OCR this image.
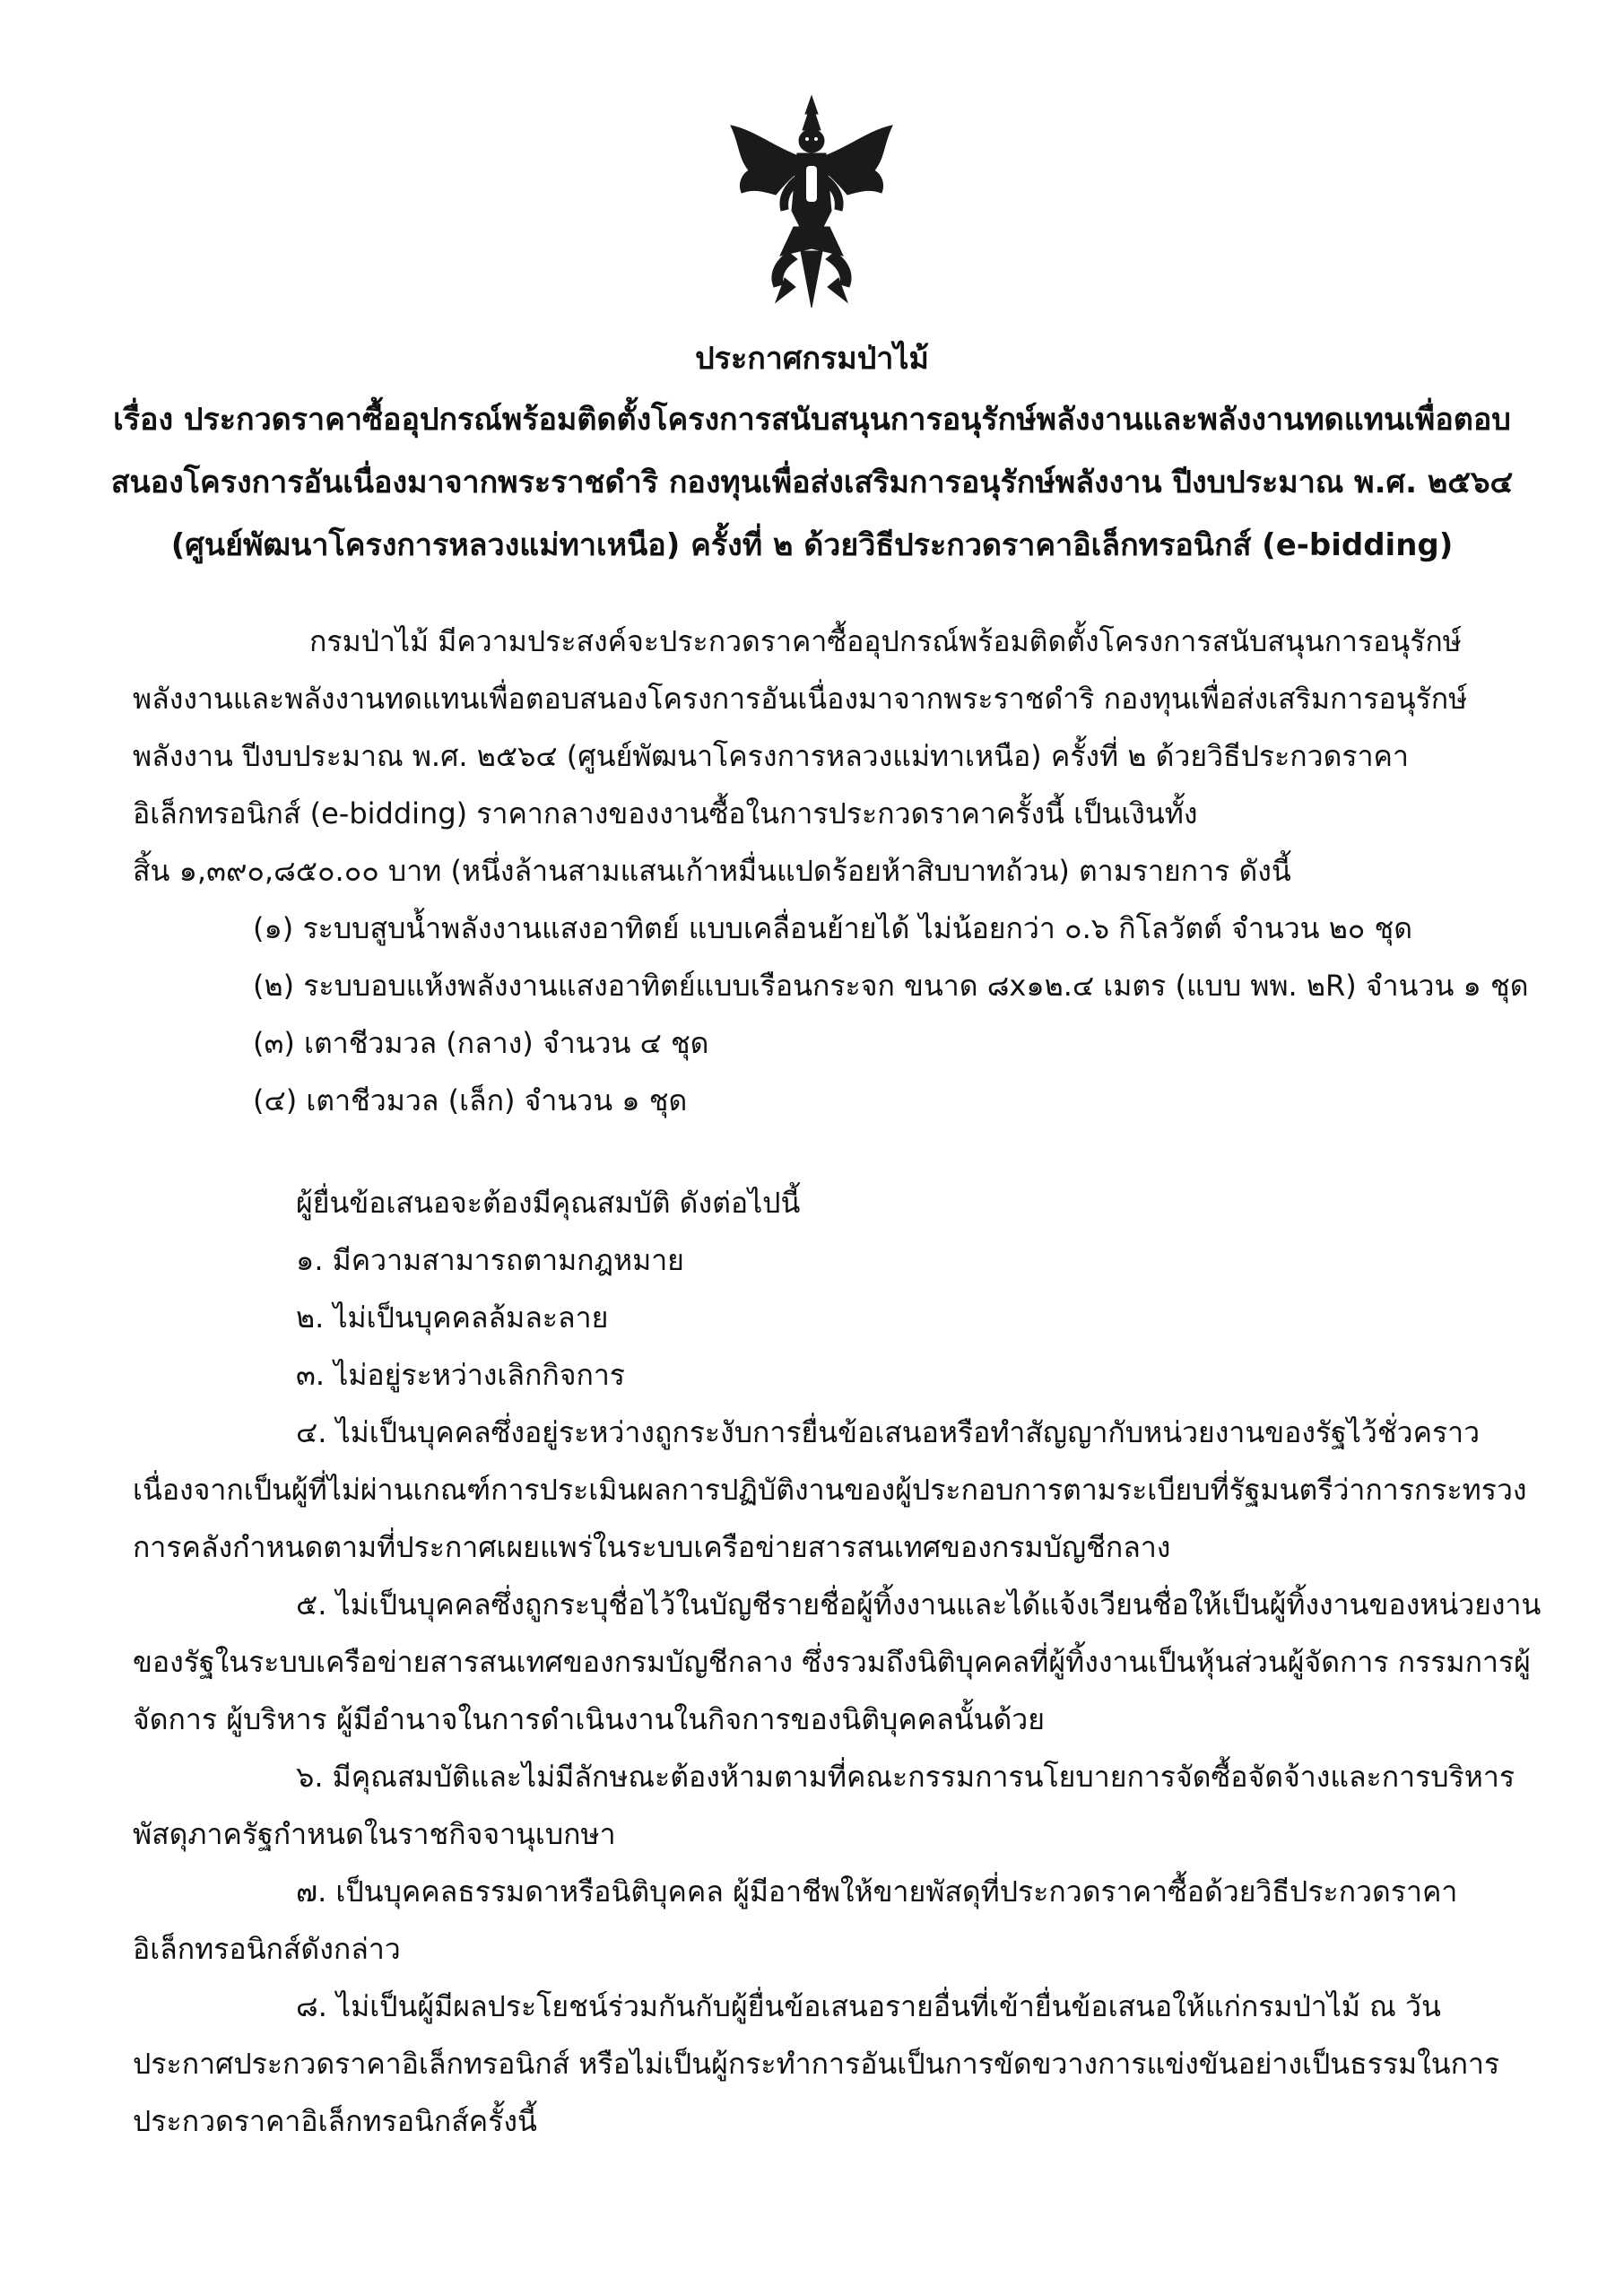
ประกาศกรมป่าไม้
เรื่อง ประกวดราคาซื้ออุปกรณ์พร้อมติดตั้งโครงการสนับสนุนการอนุรักษ์พลังงานและพลังงานทดแทนเพื่อตอบ
สนองโครงการอันเนื่องมาจากพระราชดำริ กองทุนเพื่อส่งเสริมการอนุรักษ์พลังงาน ปีงบประมาณ พ.ศ. ๒๕๖๔
(ศูนย์พัฒนาโครงการหลวงแม่ทาเหนือ) ครั้งที่ ๒ ด้วยวิธีประกวดราคาอิเล็กทรอนิกส์ (e-bidding)
กรมป่าไม้ มีความประสงค์จะประกวดราคาซื้ออุปกรณ์พร้อมติดตั้งโครงการสนับสนุนการอนุรักษ์
พลังงานและพลังงานทดแทนเพื่อตอบสนองโครงการอันเนื่องมาจากพระราชดำริ กองทุนเพื่อส่งเสริมการอนุรักษ์
พลังงาน ปีงบประมาณ พ.ศ. ๒๕๖๔ (ศูนย์พัฒนาโครงการหลวงแม่ทาเหนือ) ครั้งที่ ๒ ด้วยวิธีประกวดราคา
อิเล็กทรอนิกส์ (e-bidding) ราคากลางของงานซื้อในการประกวดราคาครั้งนี้ เป็นเงินทั้ง
สิ้น ๑,๓๙๐,๘๕๐.๐๐ บาท (หนึ่งล้านสามแสนเก้าหมื่นแปดร้อยห้าสิบบาทถ้วน) ตามรายการ ดังนี้
(๑) ระบบสูบน้ำพลังงานแสงอาทิตย์ แบบเคลื่อนย้ายได้ ไม่น้อยกว่า ๐.๖ กิโลวัตต์ จำนวน ๒๐ ชุด
(๒) ระบบอบแห้งพลังงานแสงอาทิตย์แบบเรือนกระจก ขนาด ๘x๑๒.๔ เมตร (แบบ พพ. ๒R) จำนวน ๑ ชุด
(๓) เตาชีวมวล (กลาง) จำนวน ๔ ชุด
(๔) เตาชีวมวล (เล็ก) จำนวน ๑ ชุด
ผู้ยื่นข้อเสนอจะต้องมีคุณสมบัติ ดังต่อไปนี้
๑. มีความสามารถตามกฎหมาย
๒. ไม่เป็นบุคคลล้มละลาย
๓. ไม่อยู่ระหว่างเลิกกิจการ
๔. ไม่เป็นบุคคลซึ่งอยู่ระหว่างถูกระงับการยื่นข้อเสนอหรือทำสัญญากับหน่วยงานของรัฐไว้ชั่วคราว
เนื่องจากเป็นผู้ที่ไม่ผ่านเกณฑ์การประเมินผลการปฏิบัติงานของผู้ประกอบการตามระเบียบที่รัฐมนตรีว่าการกระทรวง
การคลังกำหนดตามที่ประกาศเผยแพร่ในระบบเครือข่ายสารสนเทศของกรมบัญชีกลาง
๕. ไม่เป็นบุคคลซึ่งถูกระบุชื่อไว้ในบัญชีรายชื่อผู้ทิ้งงานและได้แจ้งเวียนชื่อให้เป็นผู้ทิ้งงานของหน่วยงาน
ของรัฐในระบบเครือข่ายสารสนเทศของกรมบัญชีกลาง ซึ่งรวมถึงนิติบุคคลที่ผู้ทิ้งงานเป็นหุ้นส่วนผู้จัดการ กรรมการผู้
จัดการ ผู้บริหาร ผู้มีอำนาจในการดำเนินงานในกิจการของนิติบุคคลนั้นด้วย
๖. มีคุณสมบัติและไม่มีลักษณะต้องห้ามตามที่คณะกรรมการนโยบายการจัดซื้อจัดจ้างและการบริหาร
พัสดุภาครัฐกำหนดในราชกิจจานุเบกษา
๗. เป็นบุคคลธรรมดาหรือนิติบุคคล ผู้มีอาชีพให้ขายพัสดุที่ประกวดราคาซื้อด้วยวิธีประกวดราคา
อิเล็กทรอนิกส์ดังกล่าว
๘. ไม่เป็นผู้มีผลประโยชน์ร่วมกันกับผู้ยื่นข้อเสนอรายอื่นที่เข้ายื่นข้อเสนอให้แก่กรมป่าไม้ ณ วัน
ประกาศประกวดราคาอิเล็กทรอนิกส์ หรือไม่เป็นผู้กระทำการอันเป็นการขัดขวางการแข่งขันอย่างเป็นธรรมในการ
ประกวดราคาอิเล็กทรอนิกส์ครั้งนี้
